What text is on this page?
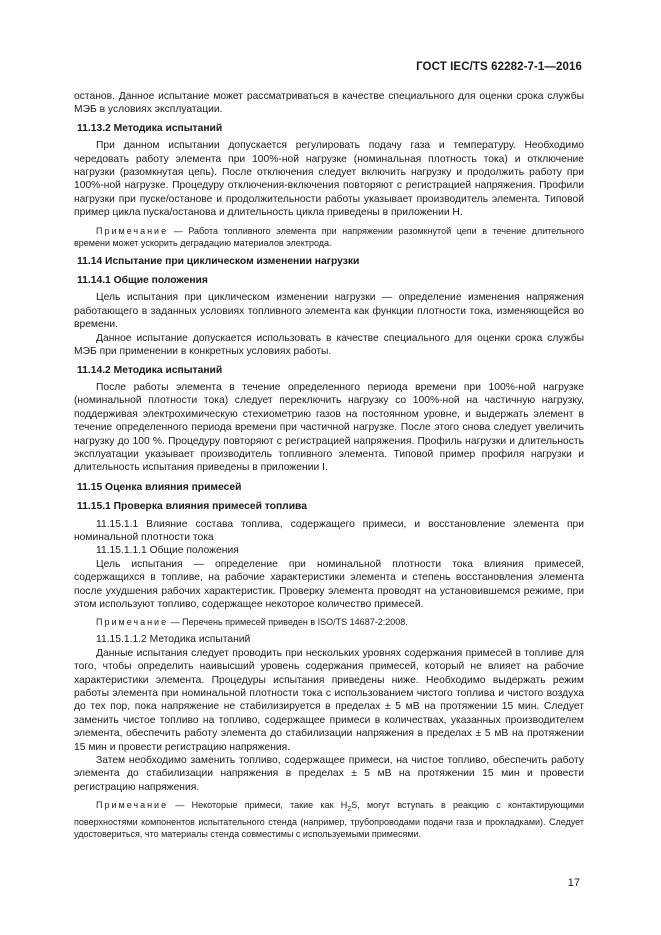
ГОСТ IEC/TS 62282-7-1—2016

останов. Данное испытание может рассматриваться в качестве специального для оценки срока службы МЭБ в условиях эксплуатации.

11.13.2 Методика испытаний

При данном испытании допускается регулировать подачу газа и температуру. Необходимо чередовать работу элемента при 100%-ной нагрузке (номинальная плотность тока) и отключение нагрузки (разомкнутая цепь). После отключения следует включить нагрузку и продолжить работу при 100%-ной нагрузке. Процедуру отключения-включения повторяют с регистрацией напряжения. Профили нагрузки при пуске/останове и продолжительности работы указывает производитель элемента. Типовой пример цикла пуска/останова и длительность цикла приведены в приложении Н.

Примечание — Работа топливного элемента при напряжении разомкнутой цепи в течение длительного времени может ускорить деградацию материалов электрода.

11.14 Испытание при циклическом изменении нагрузки

11.14.1 Общие положения

Цель испытания при циклическом изменении нагрузки — определение изменения напряжения работающего в заданных условиях топливного элемента как функции плотности тока, изменяющейся во времени.

Данное испытание допускается использовать в качестве специального для оценки срока службы МЭБ при применении в конкретных условиях работы.

11.14.2 Методика испытаний

После работы элемента в течение определенного периода времени при 100%-ной нагрузке (номинальной плотности тока) следует переключить нагрузку со 100%-ной на частичную нагрузку, поддерживая электрохимическую стехиометрию газов на постоянном уровне, и выдержать элемент в течение определенного периода времени при частичной нагрузке. После этого снова следует увеличить нагрузку до 100 %. Процедуру повторяют с регистрацией напряжения. Профиль нагрузки и длительность эксплуатации указывает производитель топливного элемента. Типовой пример профиля нагрузки и длительность испытания приведены в приложении I.

11.15 Оценка влияния примесей

11.15.1 Проверка влияния примесей топлива

11.15.1.1 Влияние состава топлива, содержащего примеси, и восстановление элемента при номинальной плотности тока

11.15.1.1.1 Общие положения

Цель испытания — определение при номинальной плотности тока влияния примесей, содержащихся в топливе, на рабочие характеристики элемента и степень восстановления элемента после ухудшения рабочих характеристик. Проверку элемента проводят на установившемся режиме, при этом используют топливо, содержащее некоторое количество примесей.

Примечание — Перечень примесей приведен в ISO/TS 14687-2:2008.

11.15.1.1.2 Методика испытаний

Данные испытания следует проводить при нескольких уровнях содержания примесей в топливе для того, чтобы определить наивысший уровень содержания примесей, который не влияет на рабочие характеристики элемента. Процедуры испытания приведены ниже. Необходимо выдержать режим работы элемента при номинальной плотности тока с использованием чистого топлива и чистого воздуха до тех пор, пока напряжение не стабилизируется в пределах ± 5 мВ на протяжении 15 мин. Следует заменить чистое топливо на топливо, содержащее примеси в количествах, указанных производителем элемента, обеспечить работу элемента до стабилизации напряжения в пределах ± 5 мВ на протяжении 15 мин и провести регистрацию напряжения.

Затем необходимо заменить топливо, содержащее примеси, на чистое топливо, обеспечить работу элемента до стабилизации напряжения в пределах ± 5 мВ на протяжении 15 мин и провести регистрацию напряжения.

Примечание — Некоторые примеси, такие как $H_2S$, могут вступать в реакцию с контактирующими поверхностями компонентов испытательного стенда (например, трубопроводами подачи газа и прокладками). Следует удостовериться, что материалы стенда совместимы с используемыми примесями.

17
